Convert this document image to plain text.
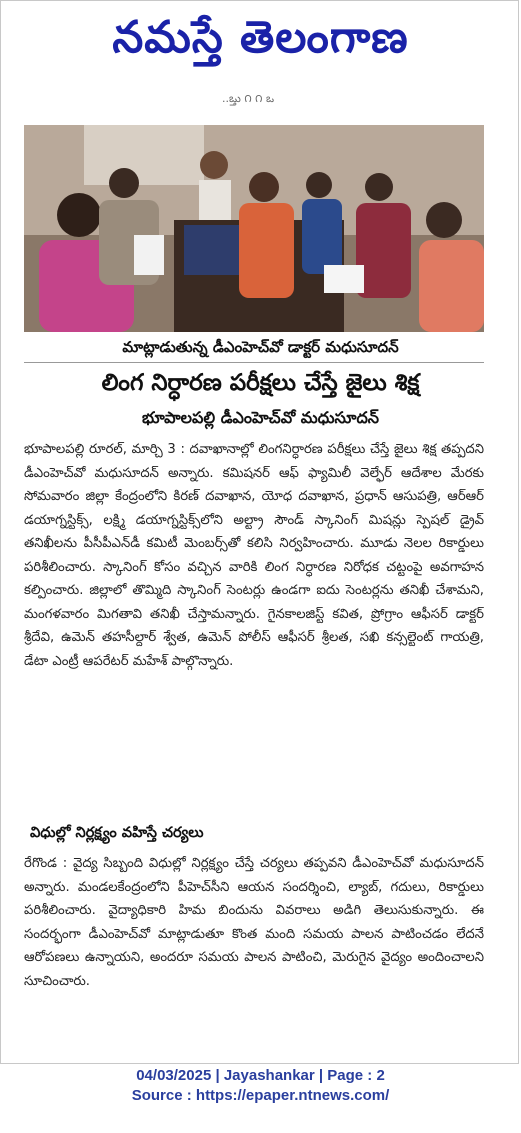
నమస్తే తెలంగాణ
..ఒ్తు ౧ ౧ ఒ
మాట్లాడుతున్న డీఎంహెచ్‌వో డాక్టర్ మధుసూదన్
లింగ నిర్ధారణ పరీక్షలు చేస్తే జైలు శిక్ష
భూపాలపల్లి డీఎంహెచ్‌వో మధుసూదన్

భూపాలపల్లి రూరల్, మార్చి 3 : దవాఖానాల్లో లింగనిర్ధారణ పరీక్షలు చేస్తే జైలు శిక్ష తప్పదని డీఎంహెచ్‌వో మధుసూదన్ అన్నారు. కమిషనర్ ఆఫ్ ఫ్యామిలీ వెల్ఫేర్ ఆదేశాల మేరకు సోమవారం జిల్లా కేంద్రంలోని కిరణ్ దవాఖాన, యోధ దవాఖాన, ప్రధాన్ ఆసుపత్రి, ఆర్‌ఆర్ డయాగ్నస్టిక్స్, లక్ష్మి డయాగ్నస్టిక్స్‌లోని అల్ట్రా సౌండ్ స్కానింగ్ మిషన్లు స్పెషల్ డ్రైవ్ తనిఖీలను పీసీపీఎన్‌డీ కమిటీ మెంబర్స్‌తో కలిసి నిర్వహించారు. మూడు నెలల రికార్డులు పరిశీలించారు. స్కానింగ్ కోసం వచ్చిన వారికి లింగ నిర్ధారణ నిరోధక చట్టంపై అవగాహన కల్పించారు. జిల్లాలో తొమ్మిది స్కానింగ్ సెంటర్లు ఉండగా ఐదు సెంటర్లను తనిఖీ చేశామని, మంగళవారం మిగతావి తనిఖీ చేస్తామన్నారు. గైనకాలజిస్ట్ కవిత, ప్రోగ్రాం ఆఫీసర్ డాక్టర్ శ్రీదేవి, ఉమెన్ తహసీల్దార్ శ్వేత, ఉమెన్ పోలీస్ ఆఫీసర్ శ్రీలత, సఖి కన్సల్టెంట్ గాయత్రి, డేటా ఎంట్రీ ఆపరేటర్ మహేశ్ పాల్గొన్నారు.

విధుల్లో నిర్లక్ష్యం వహిస్తే చర్యలు

రేగొండ : వైద్య సిబ్బంది విధుల్లో నిర్లక్ష్యం చేస్తే చర్యలు తప్పవని డీఎంహెచ్‌వో మధుసూదన్ అన్నారు. మండలకేంద్రంలోని పీహెచ్‌సీని ఆయన సందర్శించి, ల్యాబ్, గదులు, రికార్డులు పరిశీలించారు. వైద్యాధికారి హిమ బిందును వివరాలు అడిగి తెలుసుకున్నారు. ఈ సందర్భంగా డీఎంహెచ్‌వో మాట్లాడుతూ కొంత మంది సమయ పాలన పాటించడం లేదనే ఆరోపణలు ఉన్నాయని, అందరూ సమయ పాలన పాటించి, మెరుగైన వైద్యం అందించాలని సూచించారు.

04/03/2025 | Jayashankar | Page : 2
Source : https://epaper.ntnews.com/
